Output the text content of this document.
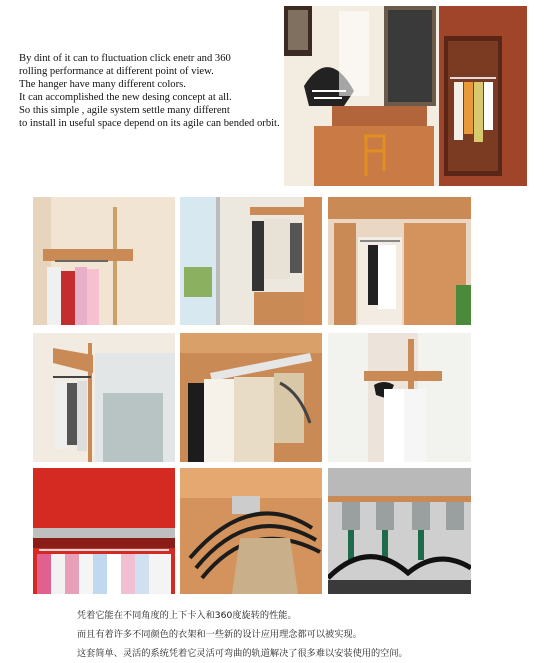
By dint of it can to fluctuation click enetr and 360
rolling performance at different point of view.
The hanger have many different colors.
It can accomplished the new desing concept at all.
So this simple , agile system settle many different
to install in useful space depend on its agile can bended orbit.
凭着它能在不同角度的上下卡入和360度旋转的性能。
而且有着许多不同颜色的衣架和一些新的设计应用理念都可以被实现。
这套简单、灵活的系统凭着它灵活可弯曲的轨道解决了很多难以安装使用的空间。
